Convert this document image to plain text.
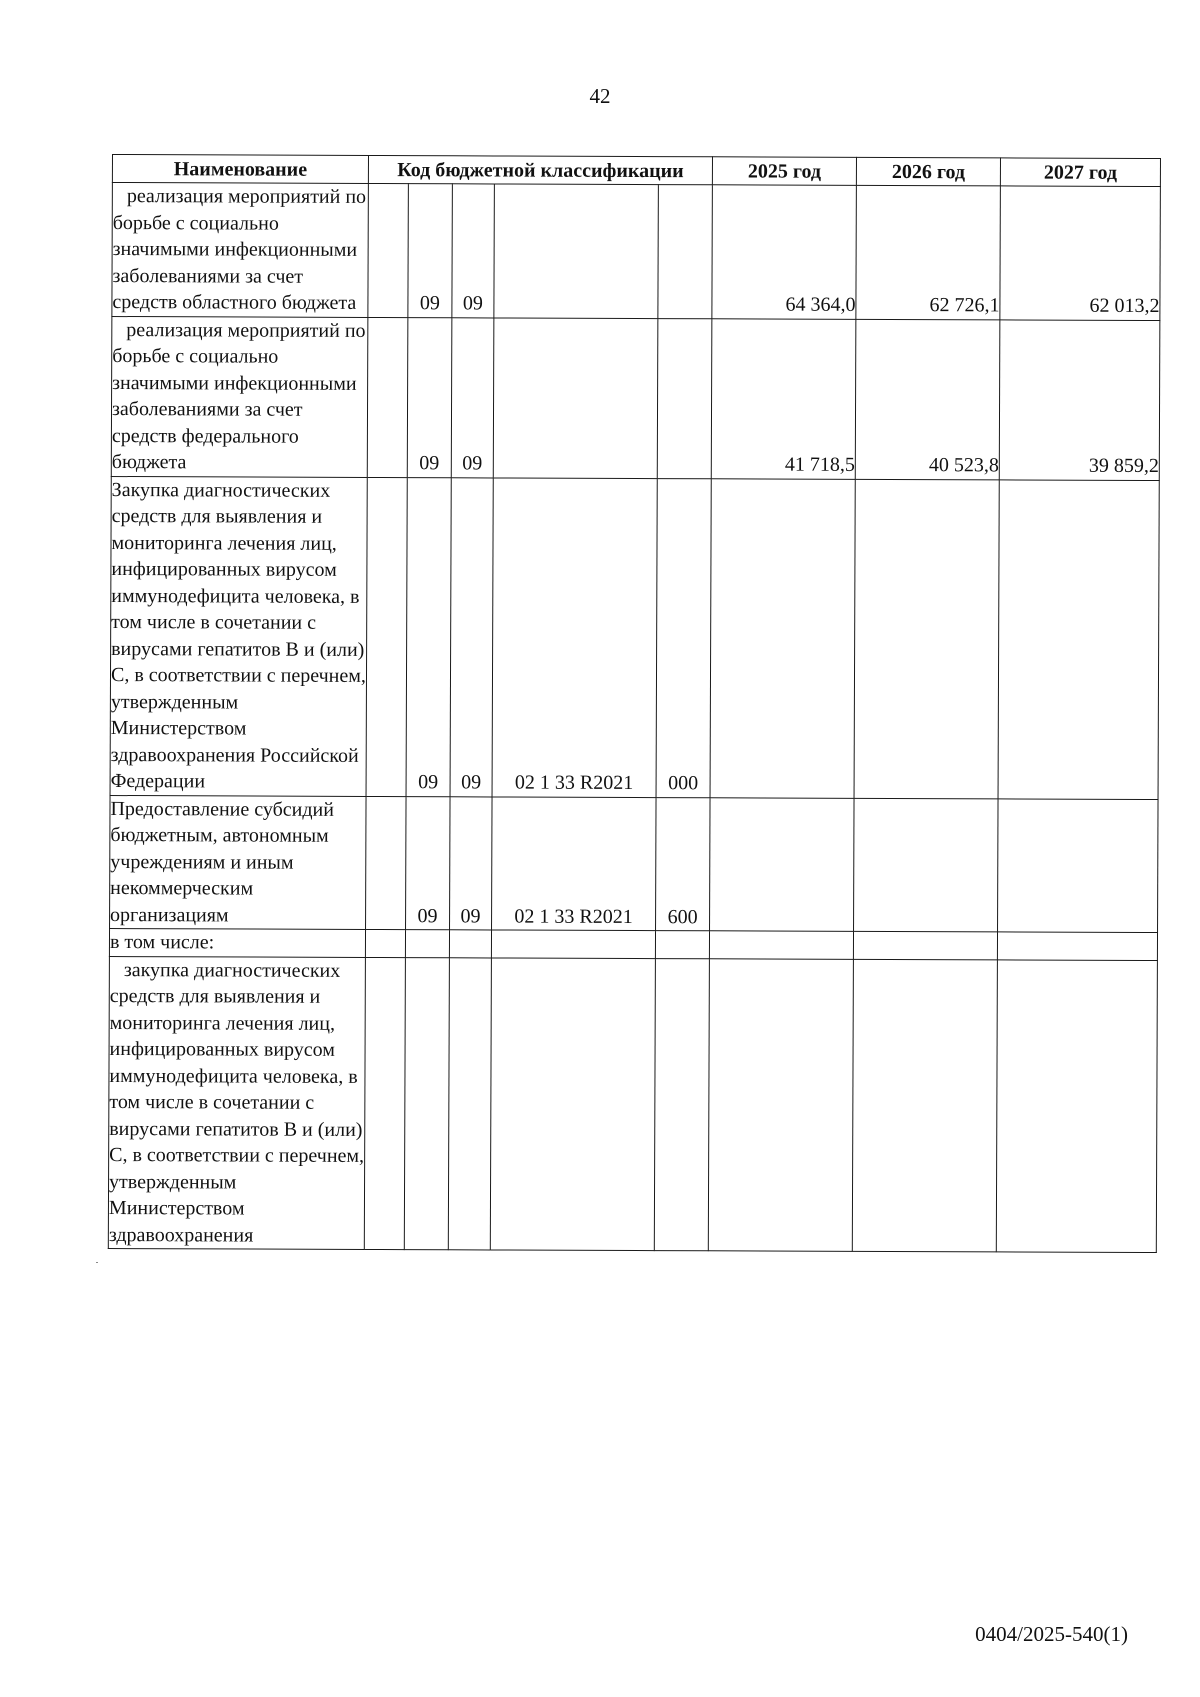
42
Наименование	Код бюджетной классификации					2025 год	2026 год	2027 год

реализация мероприятий по борьбе с социально значимыми инфекционными заболеваниями за счет средств областного бюджета		09	09			64 364,0	62 726,1	62 013,2

реализация мероприятий по борьбе с социально значимыми инфекционными заболеваниями за счет средств федерального бюджета		09	09			41 718,5	40 523,8	39 859,2

Закупка диагностических средств для выявления и мониторинга лечения лиц, инфицированных вирусом иммунодефицита человека, в том числе в сочетании с вирусами гепатитов В и (или) С, в соответствии с перечнем, утвержденным Министерством здравоохранения Российской Федерации		09	09	02 1 33 R2021	000			

Предоставление субсидий бюджетным, автономным учреждениям и иным некоммерческим организациям		09	09	02 1 33 R2021	600			

в том числе:								

закупка диагностических средств для выявления и мониторинга лечения лиц, инфицированных вирусом иммунодефицита человека, в том числе в сочетании с вирусами гепатитов В и (или) С, в соответствии с перечнем, утвержденным Министерством здравоохранения								

0404/2025-540(1)
